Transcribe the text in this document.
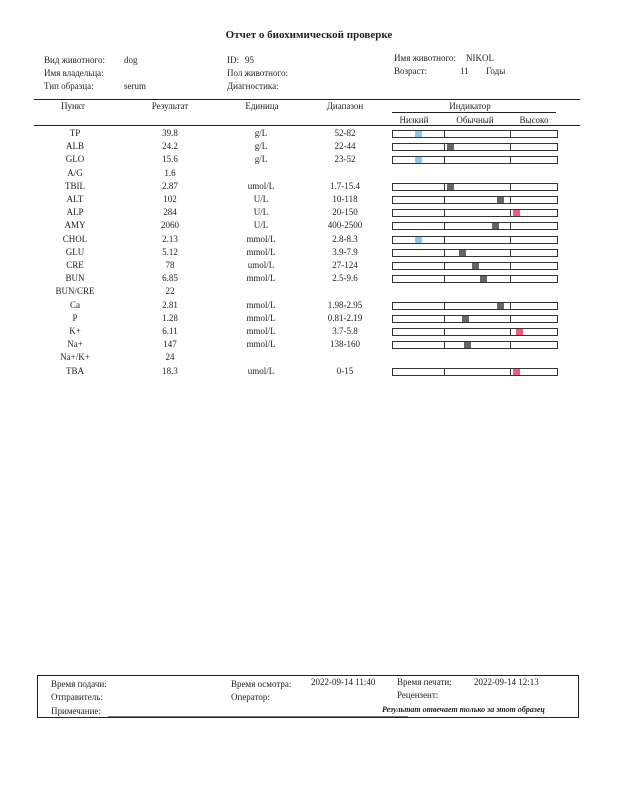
Отчет о биохимической проверке
Вид животного: dog	ID: 95	Имя животного: NIKOL
Имя владельца:	Пол животного:	Возраст:	11 Годы
Тип образца:	serum	Диагностика:
Пункт	Результат	Единица	Диапазон	Индикатор
Низкий	Обычный	Высоко
TP	39.8	g/L	52-82
ALB	24.2	g/L	22-44
GLO	15.6	g/L	23-52
A/G	1.6
TBIL	2.87	umol/L	1.7-15.4
ALT	102	U/L	10-118
ALP	284	U/L	20-150
AMY	2060	U/L	400-2500
CHOL	2.13	mmol/L	2.8-8.3
GLU	5.12	mmol/L	3.9-7.9
CRE	78	umol/L	27-124
BUN	6.85	mmol/L	2.5-9.6
BUN/CRE	22
Ca	2.81	mmol/L	1.98-2.95
P	1.28	mmol/L	0.81-2.19
K+	6.11	mmol/L	3.7-5.8
Na+	147	mmol/L	138-160
Na+/K+	24
TBA	18.3	umol/L	0-15
Время подачи:	Время осмотра: 2022-09-14 11:40 Время печати: 2022-09-14 12:13
Отправитель:	Оператор:	Рецензент:
Примечание:	Результат отвечает только за этот образец
